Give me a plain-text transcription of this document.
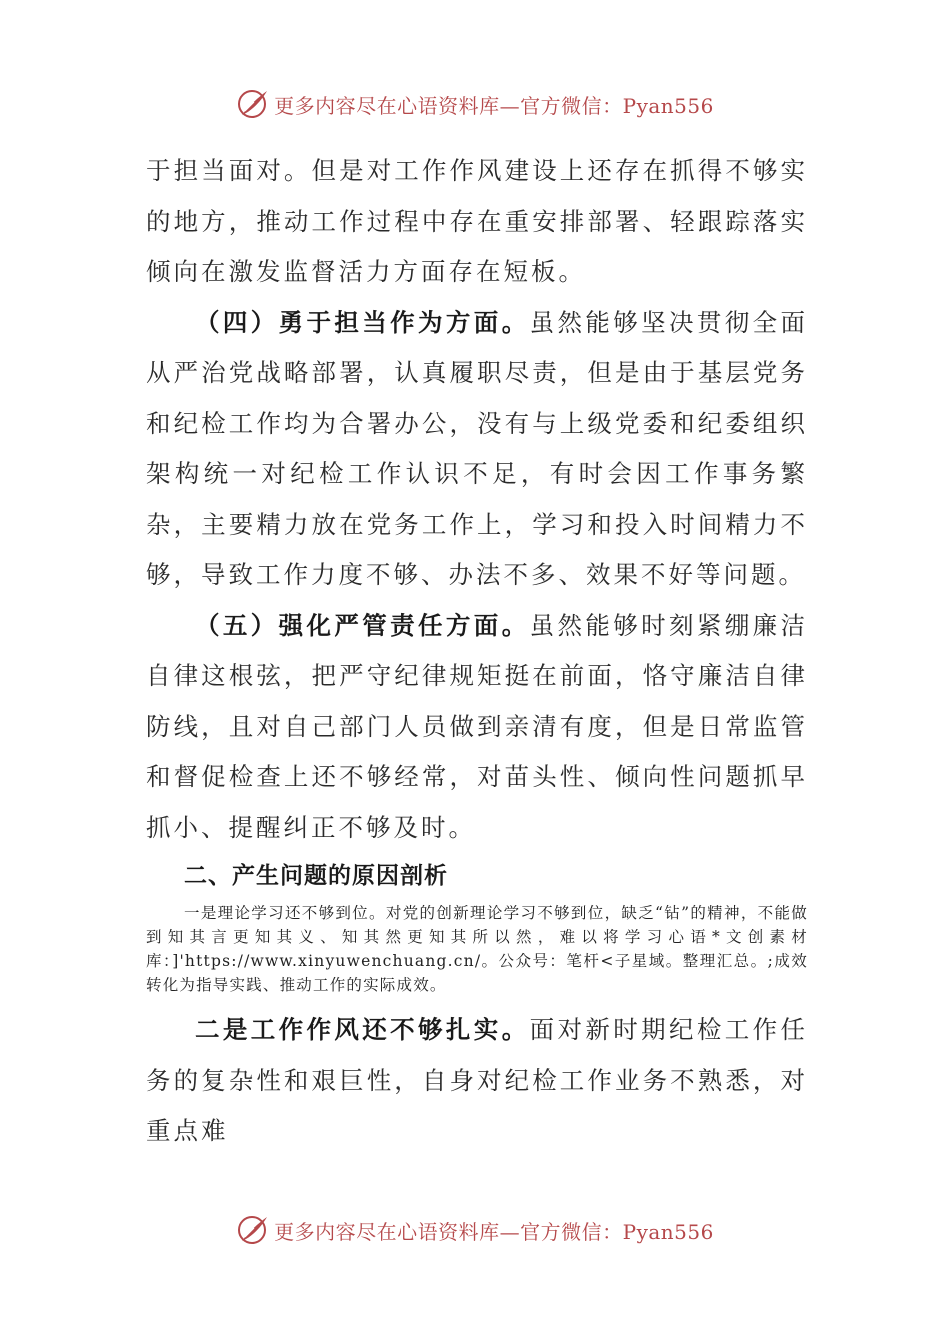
更多内容尽在心语资料库—官方微信：Pyan556

于担当面对。但是对工作作风建设上还存在抓得不够实的地方，推动工作过程中存在重安排部署、轻跟踪落实倾向在激发监督活力方面存在短板。

（四）勇于担当作为方面。虽然能够坚决贯彻全面从严治党战略部署，认真履职尽责，但是由于基层党务和纪检工作均为合署办公，没有与上级党委和纪委组织架构统一对纪检工作认识不足，有时会因工作事务繁杂，主要精力放在党务工作上，学习和投入时间精力不够，导致工作力度不够、办法不多、效果不好等问题。

（五）强化严管责任方面。虽然能够时刻紧绷廉洁自律这根弦，把严守纪律规矩挺在前面，恪守廉洁自律防线，且对自己部门人员做到亲清有度，但是日常监管和督促检查上还不够经常，对苗头性、倾向性问题抓早抓小、提醒纠正不够及时。

二、产生问题的原因剖析

一是理论学习还不够到位。对党的创新理论学习不够到位，缺乏“钻”的精神，不能做到知其言更知其义、知其然更知其所以然，难以将学习心语*文创素材库：]'https://www.xinyuwenchuang.cn/。公众号：笔杆<子星域。整理汇总。;成效转化为指导实践、推动工作的实际成效。

二是工作作风还不够扎实。面对新时期纪检工作任务的复杂性和艰巨性，自身对纪检工作业务不熟悉，对重点难

更多内容尽在心语资料库—官方微信：Pyan556
